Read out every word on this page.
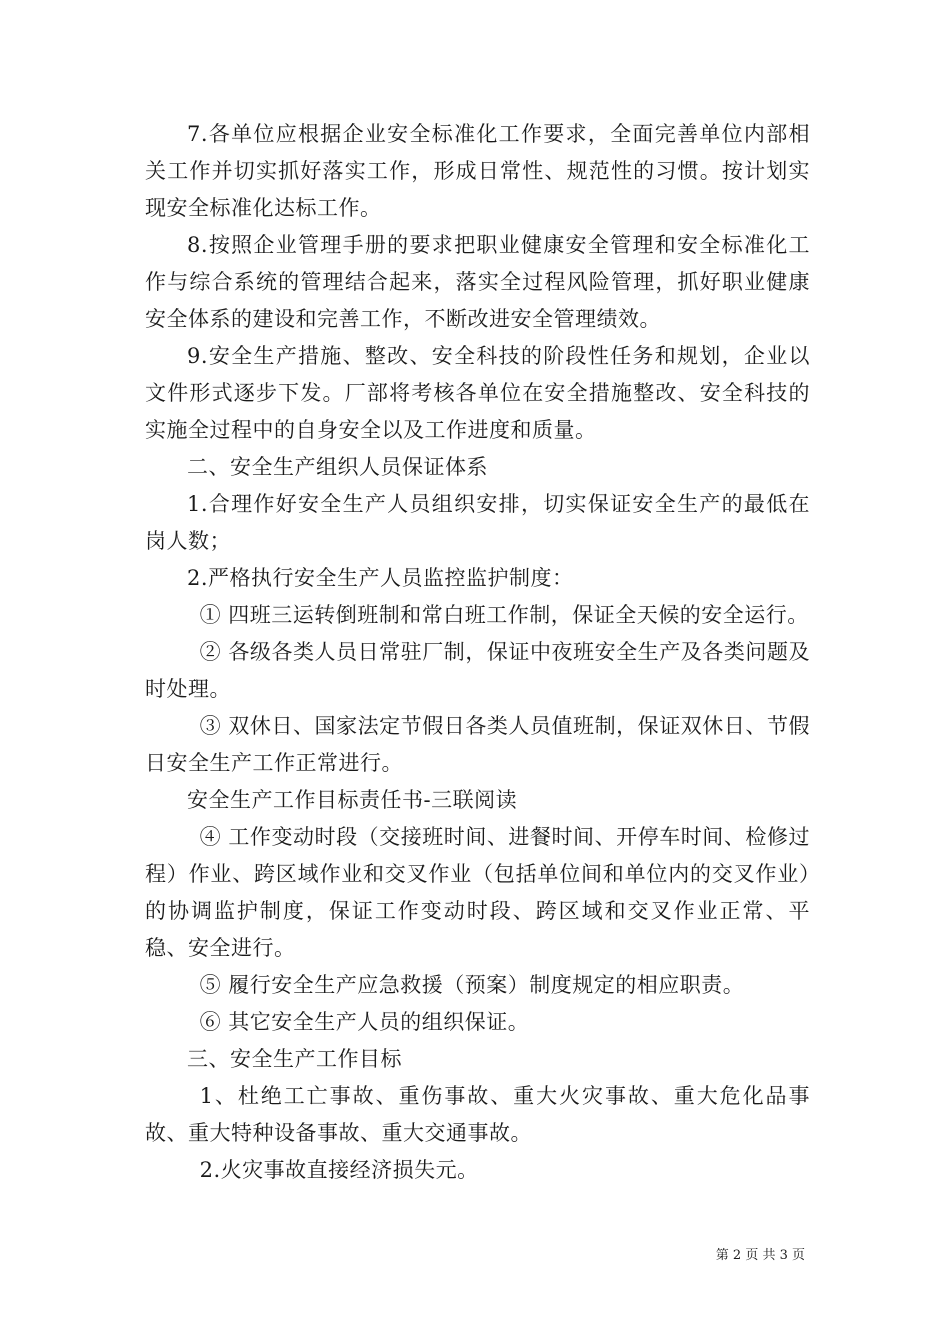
7.各单位应根据企业安全标准化工作要求，全面完善单位内部相关工作并切实抓好落实工作，形成日常性、规范性的习惯。按计划实现安全标准化达标工作。

8.按照企业管理手册的要求把职业健康安全管理和安全标准化工作与综合系统的管理结合起来，落实全过程风险管理，抓好职业健康安全体系的建设和完善工作，不断改进安全管理绩效。

9.安全生产措施、整改、安全科技的阶段性任务和规划，企业以文件形式逐步下发。厂部将考核各单位在安全措施整改、安全科技的实施全过程中的自身安全以及工作进度和质量。

二、安全生产组织人员保证体系

1.合理作好安全生产人员组织安排，切实保证安全生产的最低在岗人数；

2.严格执行安全生产人员监控监护制度：

① 四班三运转倒班制和常白班工作制，保证全天候的安全运行。

② 各级各类人员日常驻厂制，保证中夜班安全生产及各类问题及时处理。

③ 双休日、国家法定节假日各类人员值班制，保证双休日、节假日安全生产工作正常进行。

安全生产工作目标责任书-三联阅读

④ 工作变动时段（交接班时间、进餐时间、开停车时间、检修过程）作业、跨区域作业和交叉作业（包括单位间和单位内的交叉作业）的协调监护制度，保证工作变动时段、跨区域和交叉作业正常、平稳、安全进行。

⑤ 履行安全生产应急救援（预案）制度规定的相应职责。

⑥ 其它安全生产人员的组织保证。

三、安全生产工作目标

1、杜绝工亡事故、重伤事故、重大火灾事故、重大危化品事故、重大特种设备事故、重大交通事故。

2.火灾事故直接经济损失元。

第 2 页 共 3 页
